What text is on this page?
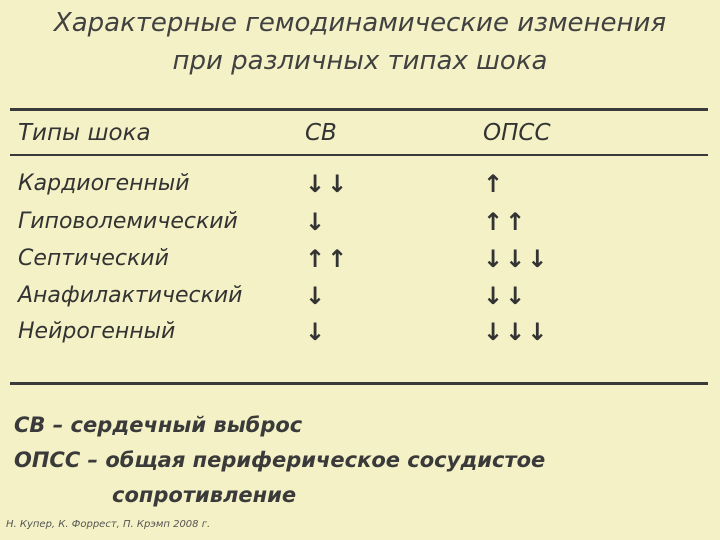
Характерные гемодинамические изменения
при различных типах шока
Типы шока	СВ	ОПСС
Кардиогенный	↓↓	↑
Гиповолемический	↓	↑↑
Септический	↑↑	↓↓↓
Анафилактический	↓	↓↓
Нейрогенный	↓	↓↓↓
СВ – сердечный выброс
ОПСС – общая периферическое сосудистое
сопротивление
Н. Купер, К. Форрест, П. Крэмп 2008 г.
